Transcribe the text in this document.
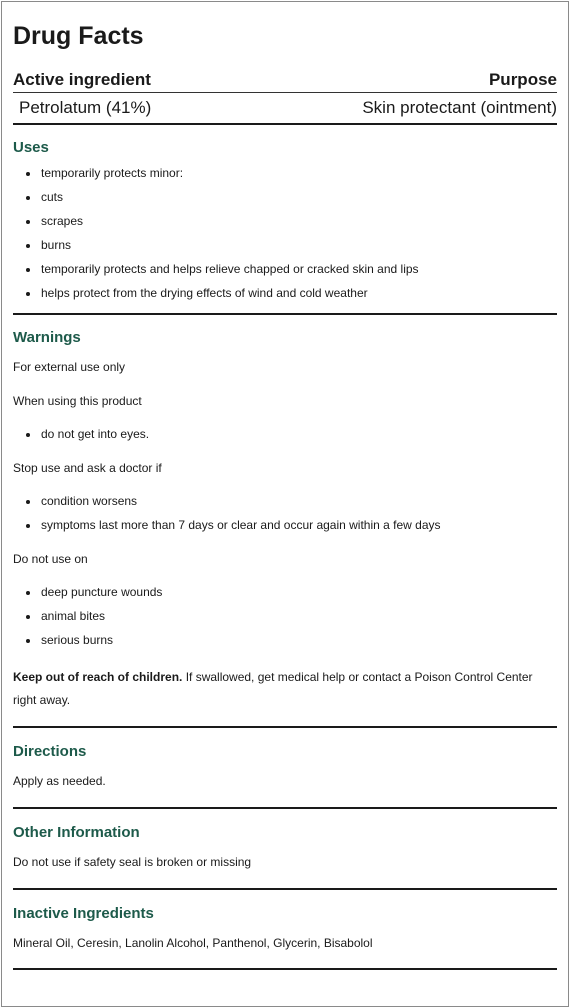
Drug Facts
Active ingredient	Purpose
Petrolatum (41%)	Skin protectant (ointment)
Uses
temporarily protects minor:
cuts
scrapes
burns
temporarily protects and helps relieve chapped or cracked skin and lips
helps protect from the drying effects of wind and cold weather
Warnings

For external use only

When using this product

do not get into eyes.

Stop use and ask a doctor if

condition worsens
symptoms last more than 7 days or clear and occur again within a few days

Do not use on

deep puncture wounds
animal bites
serious burns

Keep out of reach of children. If swallowed, get medical help or contact a Poison Control Center right away.

Directions

Apply as needed.

Other Information

Do not use if safety seal is broken or missing

Inactive Ingredients

Mineral Oil, Ceresin, Lanolin Alcohol, Panthenol, Glycerin, Bisabolol
